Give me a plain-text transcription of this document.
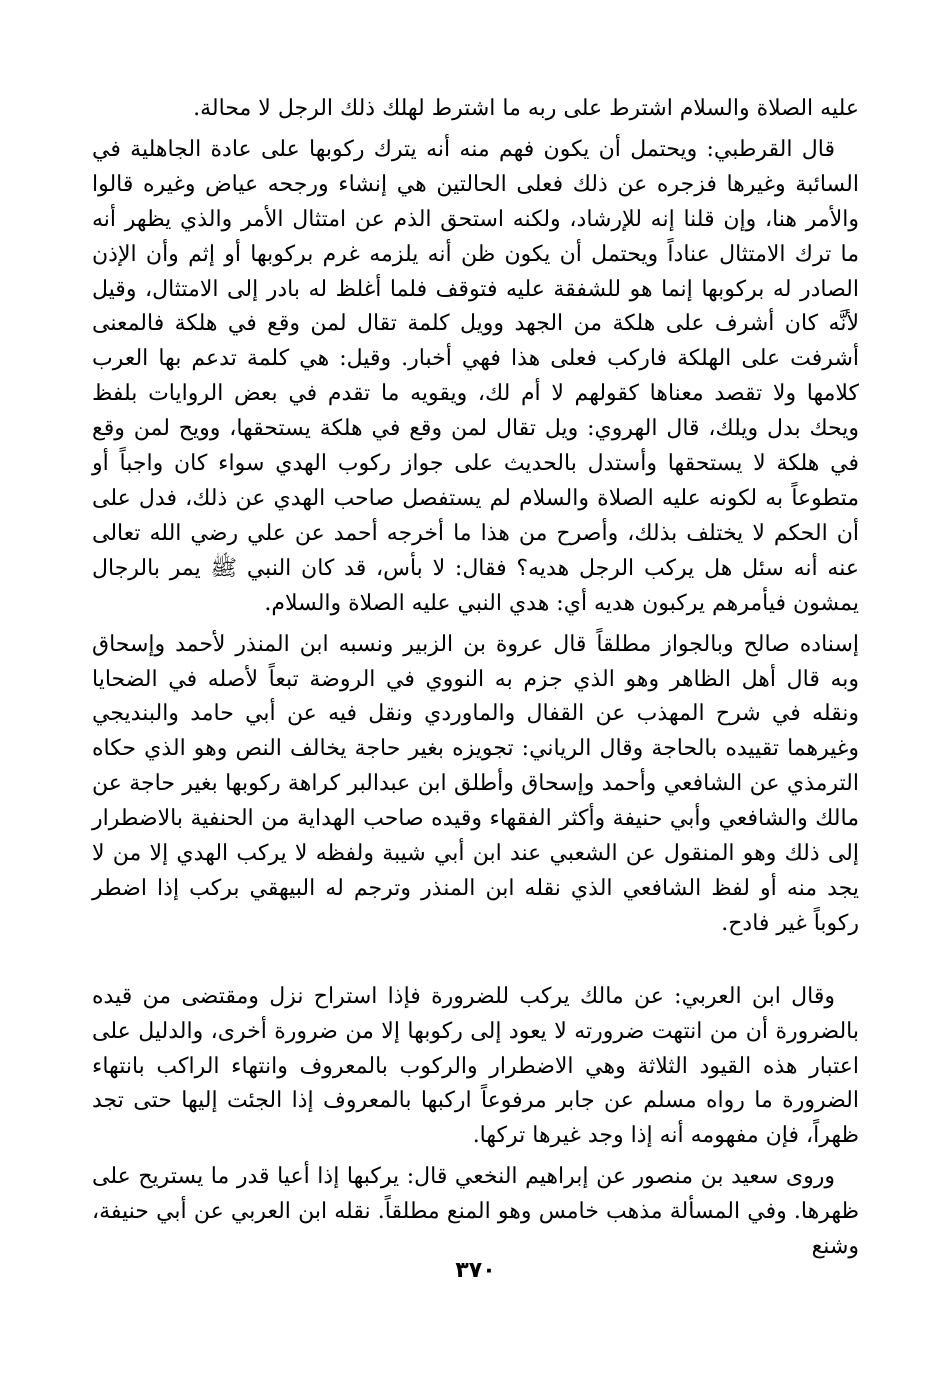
عليه الصلاة والسلام اشترط على ربه ما اشترط لهلك ذلك الرجل لا محالة.

قال القرطبي: ويحتمل أن يكون فهم منه أنه يترك ركوبها على عادة الجاهلية في السائبة وغيرها فزجره عن ذلك فعلى الحالتين هي إنشاء ورجحه عياض وغيره قالوا والأمر هنا، وإن قلنا إنه للإرشاد، ولكنه استحق الذم عن امتثال الأمر والذي يظهر أنه ما ترك الامتثال عناداً ويحتمل أن يكون ظن أنه يلزمه غرم بركوبها أو إثم وأن الإذن الصادر له بركوبها إنما هو للشفقة عليه فتوقف فلما أغلظ له بادر إلى الامتثال، وقيل لأنَّه كان أشرف على هلكة من الجهد وويل كلمة تقال لمن وقع في هلكة فالمعنى أشرفت على الهلكة فاركب فعلى هذا فهي أخبار. وقيل: هي كلمة تدعم بها العرب كلامها ولا تقصد معناها كقولهم لا أم لك، ويقويه ما تقدم في بعض الروايات بلفظ ويحك بدل ويلك، قال الهروي: ويل تقال لمن وقع في هلكة يستحقها، وويح لمن وقع في هلكة لا يستحقها وأستدل بالحديث على جواز ركوب الهدي سواء كان واجباً أو متطوعاً به لكونه عليه الصلاة والسلام لم يستفصل صاحب الهدي عن ذلك، فدل على أن الحكم لا يختلف بذلك، وأصرح من هذا ما أخرجه أحمد عن علي رضي الله تعالى عنه أنه سئل هل يركب الرجل هديه؟ فقال: لا بأس، قد كان النبي ﷺ يمر بالرجال يمشون فيأمرهم يركبون هديه أي: هدي النبي عليه الصلاة والسلام.

إسناده صالح وبالجواز مطلقاً قال عروة بن الزبير ونسبه ابن المنذر لأحمد وإسحاق وبه قال أهل الظاهر وهو الذي جزم به النووي في الروضة تبعاً لأصله في الضحايا ونقله في شرح المهذب عن القفال والماوردي ونقل فيه عن أبي حامد والبنديجي وغيرهما تقييده بالحاجة وقال الرياني: تجويزه بغير حاجة يخالف النص وهو الذي حكاه الترمذي عن الشافعي وأحمد وإسحاق وأطلق ابن عبدالبر كراهة ركوبها بغير حاجة عن مالك والشافعي وأبي حنيفة وأكثر الفقهاء وقيده صاحب الهداية من الحنفية بالاضطرار إلى ذلك وهو المنقول عن الشعبي عند ابن أبي شيبة ولفظه لا يركب الهدي إلا من لا يجد منه أو لفظ الشافعي الذي نقله ابن المنذر وترجم له البيهقي بركب إذا اضطر ركوباً غير فادح.

وقال ابن العربي: عن مالك يركب للضرورة فإذا استراح نزل ومقتضى من قيده بالضرورة أن من انتهت ضرورته لا يعود إلى ركوبها إلا من ضرورة أخرى، والدليل على اعتبار هذه القيود الثلاثة وهي الاضطرار والركوب بالمعروف وانتهاء الراكب بانتهاء الضرورة ما رواه مسلم عن جابر مرفوعاً اركبها بالمعروف إذا الجئت إليها حتى تجد ظهراً، فإن مفهومه أنه إذا وجد غيرها تركها.

وروى سعيد بن منصور عن إبراهيم النخعي قال: يركبها إذا أعيا قدر ما يستريح على ظهرها. وفي المسألة مذهب خامس وهو المنع مطلقاً. نقله ابن العربي عن أبي حنيفة، وشنع

٣٧٠
